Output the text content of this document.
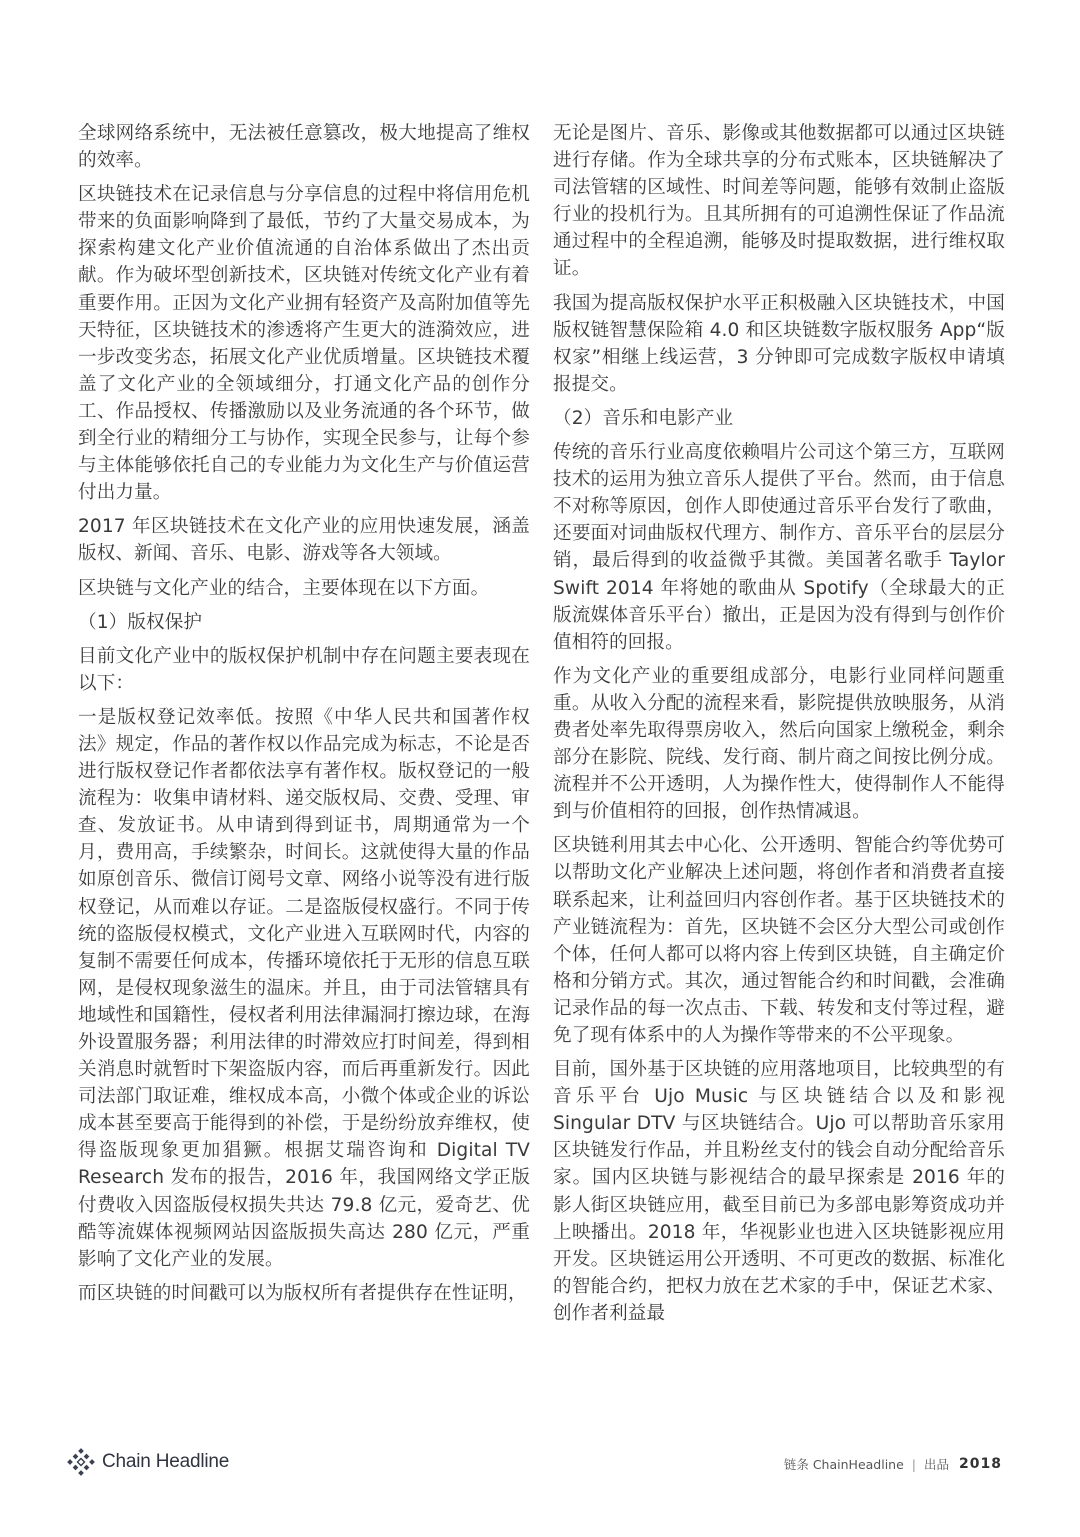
全球网络系统中，无法被任意篡改，极大地提高了维权的效率。

区块链技术在记录信息与分享信息的过程中将信用危机带来的负面影响降到了最低，节约了大量交易成本，为探索构建文化产业价值流通的自治体系做出了杰出贡献。作为破坏型创新技术，区块链对传统文化产业有着重要作用。正因为文化产业拥有轻资产及高附加值等先天特征，区块链技术的渗透将产生更大的涟漪效应，进一步改变劣态，拓展文化产业优质增量。区块链技术覆盖了文化产业的全领域细分，打通文化产品的创作分工、作品授权、传播激励以及业务流通的各个环节，做到全行业的精细分工与协作，实现全民参与，让每个参与主体能够依托自己的专业能力为文化生产与价值运营付出力量。

2017 年区块链技术在文化产业的应用快速发展，涵盖版权、新闻、音乐、电影、游戏等各大领域。

区块链与文化产业的结合，主要体现在以下方面。

（1）版权保护

目前文化产业中的版权保护机制中存在问题主要表现在以下：

一是版权登记效率低。按照《中华人民共和国著作权法》规定，作品的著作权以作品完成为标志，不论是否进行版权登记作者都依法享有著作权。版权登记的一般流程为：收集申请材料、递交版权局、交费、受理、审查、发放证书。从申请到得到证书，周期通常为一个月，费用高，手续繁杂，时间长。这就使得大量的作品如原创音乐、微信订阅号文章、网络小说等没有进行版权登记，从而难以存证。二是盗版侵权盛行。不同于传统的盗版侵权模式，文化产业进入互联网时代，内容的复制不需要任何成本，传播环境依托于无形的信息互联网，是侵权现象滋生的温床。并且，由于司法管辖具有地域性和国籍性，侵权者利用法律漏洞打擦边球，在海外设置服务器；利用法律的时滞效应打时间差，得到相关消息时就暂时下架盗版内容，而后再重新发行。因此司法部门取证难，维权成本高，小微个体或企业的诉讼成本甚至要高于能得到的补偿，于是纷纷放弃维权，使得盗版现象更加猖獗。根据艾瑞咨询和 Digital TV Research 发布的报告，2016 年，我国网络文学正版付费收入因盗版侵权损失共达 79.8 亿元，爱奇艺、优酷等流媒体视频网站因盗版损失高达 280 亿元，严重影响了文化产业的发展。

而区块链的时间戳可以为版权所有者提供存在性证明，

无论是图片、音乐、影像或其他数据都可以通过区块链进行存储。作为全球共享的分布式账本，区块链解决了司法管辖的区域性、时间差等问题，能够有效制止盗版行业的投机行为。且其所拥有的可追溯性保证了作品流通过程中的全程追溯，能够及时提取数据，进行维权取证。

我国为提高版权保护水平正积极融入区块链技术，中国版权链智慧保险箱 4.0 和区块链数字版权服务 App“版权家”相继上线运营，3 分钟即可完成数字版权申请填报提交。

（2）音乐和电影产业

传统的音乐行业高度依赖唱片公司这个第三方，互联网技术的运用为独立音乐人提供了平台。然而，由于信息不对称等原因，创作人即使通过音乐平台发行了歌曲，还要面对词曲版权代理方、制作方、音乐平台的层层分销，最后得到的收益微乎其微。美国著名歌手 Taylor Swift 2014 年将她的歌曲从 Spotify（全球最大的正版流媒体音乐平台）撤出，正是因为没有得到与创作价值相符的回报。

作为文化产业的重要组成部分，电影行业同样问题重重。从收入分配的流程来看，影院提供放映服务，从消费者处率先取得票房收入，然后向国家上缴税金，剩余部分在影院、院线、发行商、制片商之间按比例分成。流程并不公开透明，人为操作性大，使得制作人不能得到与价值相符的回报，创作热情减退。

区块链利用其去中心化、公开透明、智能合约等优势可以帮助文化产业解决上述问题，将创作者和消费者直接联系起来，让利益回归内容创作者。基于区块链技术的产业链流程为：首先，区块链不会区分大型公司或创作个体，任何人都可以将内容上传到区块链，自主确定价格和分销方式。其次，通过智能合约和时间戳，会准确记录作品的每一次点击、下载、转发和支付等过程，避免了现有体系中的人为操作等带来的不公平现象。

目前，国外基于区块链的应用落地项目，比较典型的有音乐平台 Ujo Music 与区块链结合以及和影视 Singular DTV 与区块链结合。Ujo 可以帮助音乐家用区块链发行作品，并且粉丝支付的钱会自动分配给音乐家。国内区块链与影视结合的最早探索是 2016 年的影人街区块链应用，截至目前已为多部电影筹资成功并上映播出。2018 年，华视影业也进入区块链影视应用开发。区块链运用公开透明、不可更改的数据、标准化的智能合约，把权力放在艺术家的手中，保证艺术家、创作者利益最

Chain Headline	链条 ChainHeadline | 出品 2018
